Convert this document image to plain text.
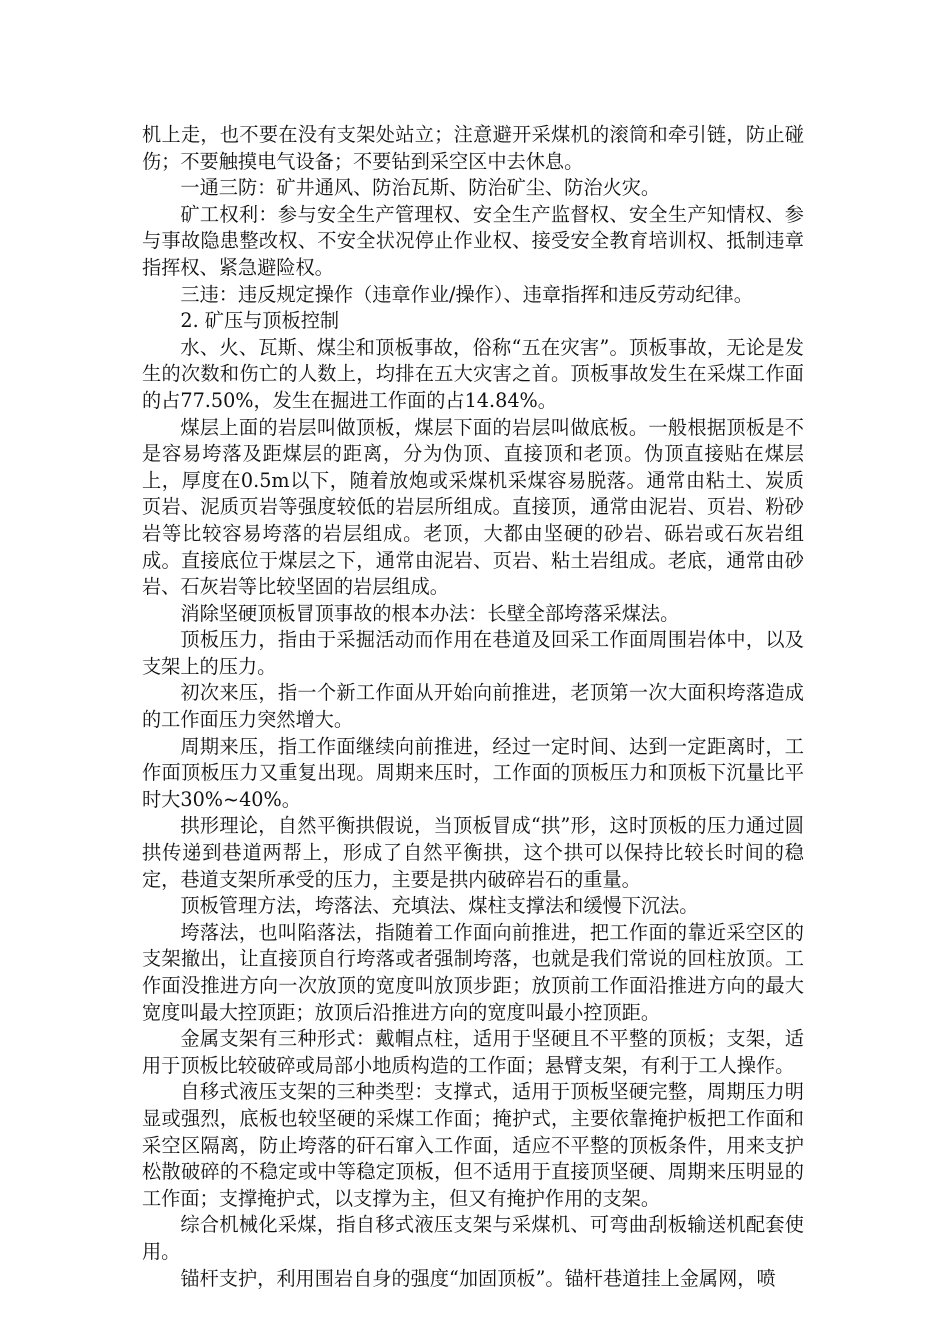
机上走，也不要在没有支架处站立；注意避开采煤机的滚筒和牵引链，防止碰伤；不要触摸电气设备；不要钻到采空区中去休息。

一通三防：矿井通风、防治瓦斯、防治矿尘、防治火灾。

矿工权利：参与安全生产管理权、安全生产监督权、安全生产知情权、参与事故隐患整改权、不安全状况停止作业权、接受安全教育培训权、抵制违章指挥权、紧急避险权。

三违：违反规定操作（违章作业/操作）、违章指挥和违反劳动纪律。

2. 矿压与顶板控制

水、火、瓦斯、煤尘和顶板事故，俗称“五在灾害”。顶板事故，无论是发生的次数和伤亡的人数上，均排在五大灾害之首。顶板事故发生在采煤工作面的占77.50%，发生在掘进工作面的占14.84%。

煤层上面的岩层叫做顶板，煤层下面的岩层叫做底板。一般根据顶板是不是容易垮落及距煤层的距离，分为伪顶、直接顶和老顶。伪顶直接贴在煤层上，厚度在0.5m以下，随着放炮或采煤机采煤容易脱落。通常由粘土、炭质页岩、泥质页岩等强度较低的岩层所组成。直接顶，通常由泥岩、页岩、粉砂岩等比较容易垮落的岩层组成。老顶，大都由坚硬的砂岩、砾岩或石灰岩组成。直接底位于煤层之下，通常由泥岩、页岩、粘土岩组成。老底，通常由砂岩、石灰岩等比较坚固的岩层组成。

消除坚硬顶板冒顶事故的根本办法：长壁全部垮落采煤法。

顶板压力，指由于采掘活动而作用在巷道及回采工作面周围岩体中，以及支架上的压力。

初次来压，指一个新工作面从开始向前推进，老顶第一次大面积垮落造成的工作面压力突然增大。

周期来压，指工作面继续向前推进，经过一定时间、达到一定距离时，工作面顶板压力又重复出现。周期来压时，工作面的顶板压力和顶板下沉量比平时大30%~40%。

拱形理论，自然平衡拱假说，当顶板冒成“拱”形，这时顶板的压力通过圆拱传递到巷道两帮上，形成了自然平衡拱，这个拱可以保持比较长时间的稳定，巷道支架所承受的压力，主要是拱内破碎岩石的重量。

顶板管理方法，垮落法、充填法、煤柱支撑法和缓慢下沉法。

垮落法，也叫陷落法，指随着工作面向前推进，把工作面的靠近采空区的支架撤出，让直接顶自行垮落或者强制垮落，也就是我们常说的回柱放顶。工作面没推进方向一次放顶的宽度叫放顶步距；放顶前工作面沿推进方向的最大宽度叫最大控顶距；放顶后沿推进方向的宽度叫最小控顶距。

金属支架有三种形式：戴帽点柱，适用于坚硬且不平整的顶板；支架，适用于顶板比较破碎或局部小地质构造的工作面；悬臂支架，有利于工人操作。

自移式液压支架的三种类型：支撑式，适用于顶板坚硬完整，周期压力明显或强烈，底板也较坚硬的采煤工作面；掩护式，主要依靠掩护板把工作面和采空区隔离，防止垮落的矸石窜入工作面，适应不平整的顶板条件，用来支护松散破碎的不稳定或中等稳定顶板，但不适用于直接顶坚硬、周期来压明显的工作面；支撑掩护式，以支撑为主，但又有掩护作用的支架。

综合机械化采煤，指自移式液压支架与采煤机、可弯曲刮板输送机配套使用。

锚杆支护，利用围岩自身的强度“加固顶板”。锚杆巷道挂上金属网，喷
